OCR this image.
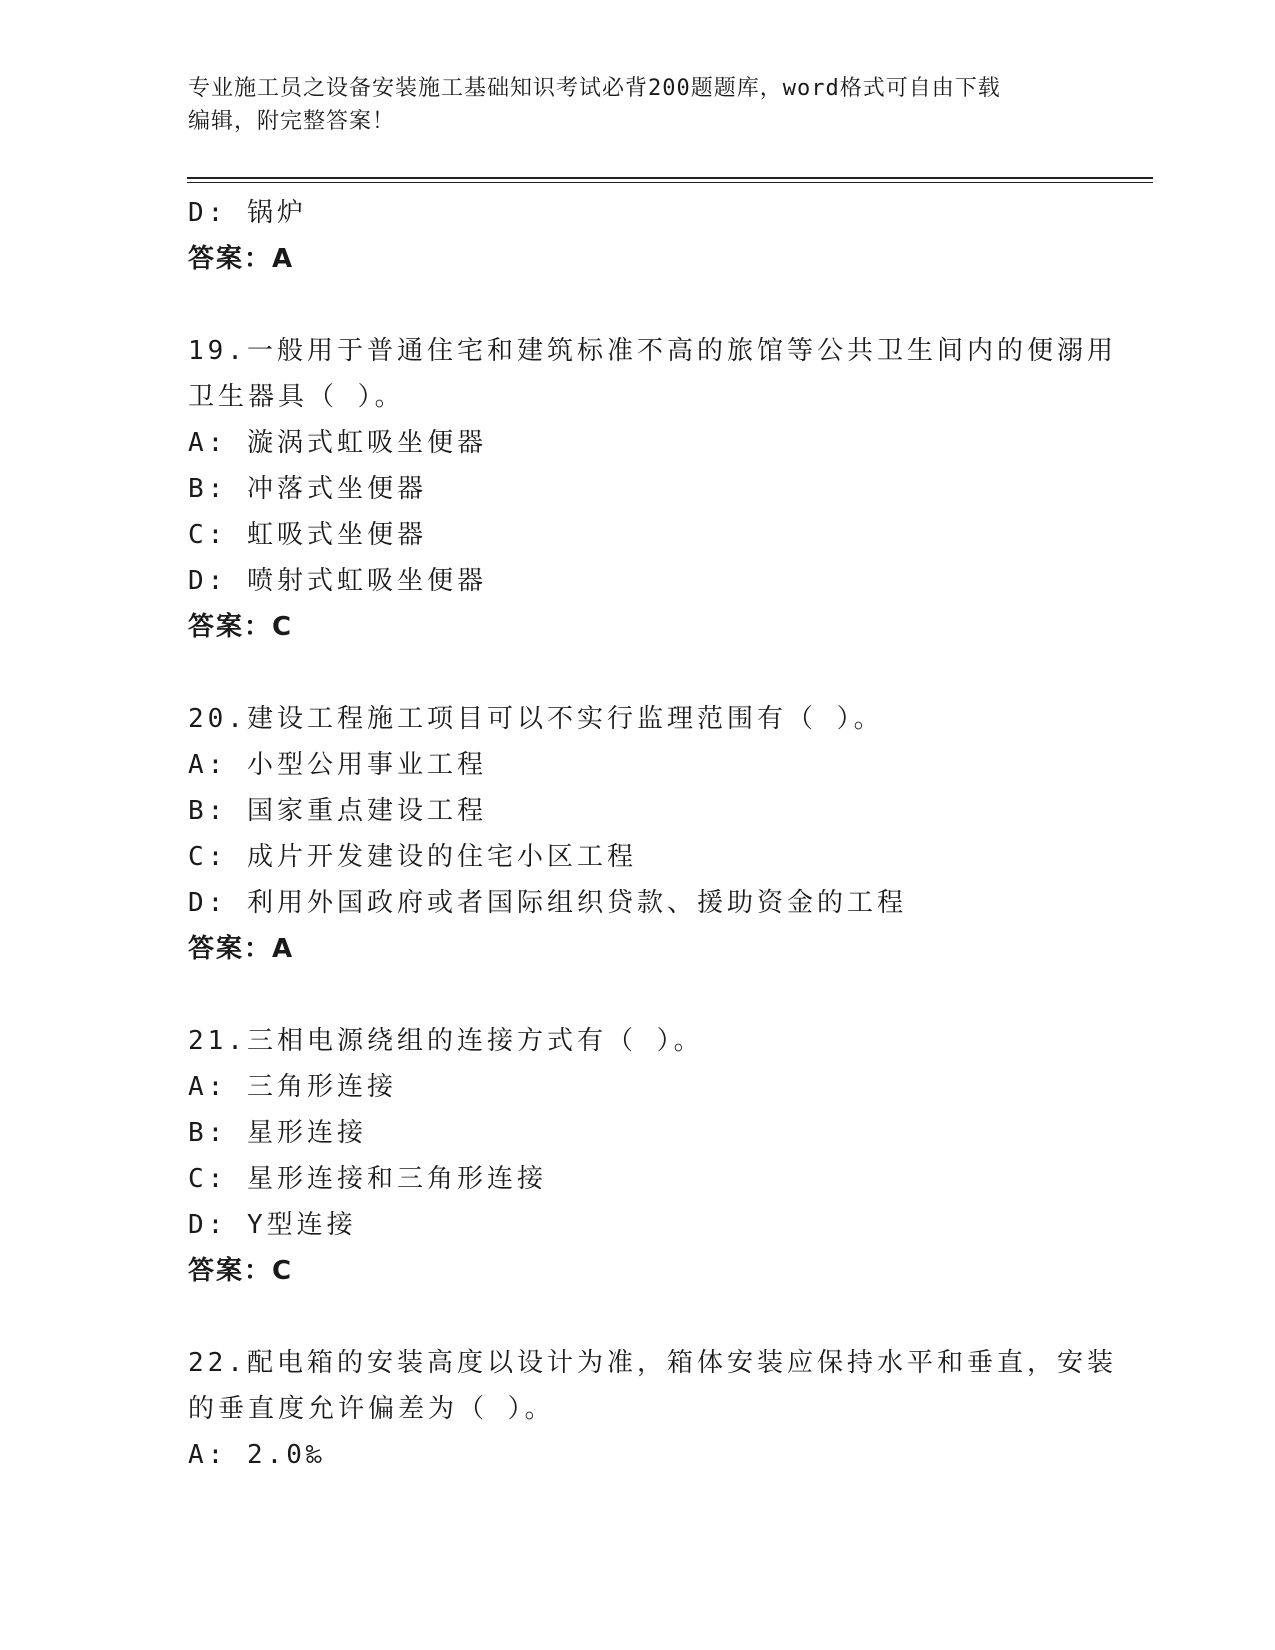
专业施工员之设备安装施工基础知识考试必背200题题库，word格式可自由下载
编辑，附完整答案！
D: 锅炉
答案：A
19.一般用于普通住宅和建筑标准不高的旅馆等公共卫生间内的便溺用
卫生器具（ ）。
A: 漩涡式虹吸坐便器
B: 冲落式坐便器
C: 虹吸式坐便器
D: 喷射式虹吸坐便器
答案：C
20.建设工程施工项目可以不实行监理范围有（ ）。
A: 小型公用事业工程
B: 国家重点建设工程
C: 成片开发建设的住宅小区工程
D: 利用外国政府或者国际组织贷款、援助资金的工程
答案：A
21.三相电源绕组的连接方式有（ ）。
A: 三角形连接
B: 星形连接
C: 星形连接和三角形连接
D: Y型连接
答案：C
22.配电箱的安装高度以设计为准，箱体安装应保持水平和垂直，安装
的垂直度允许偏差为（ ）。
A: 2.0‰
